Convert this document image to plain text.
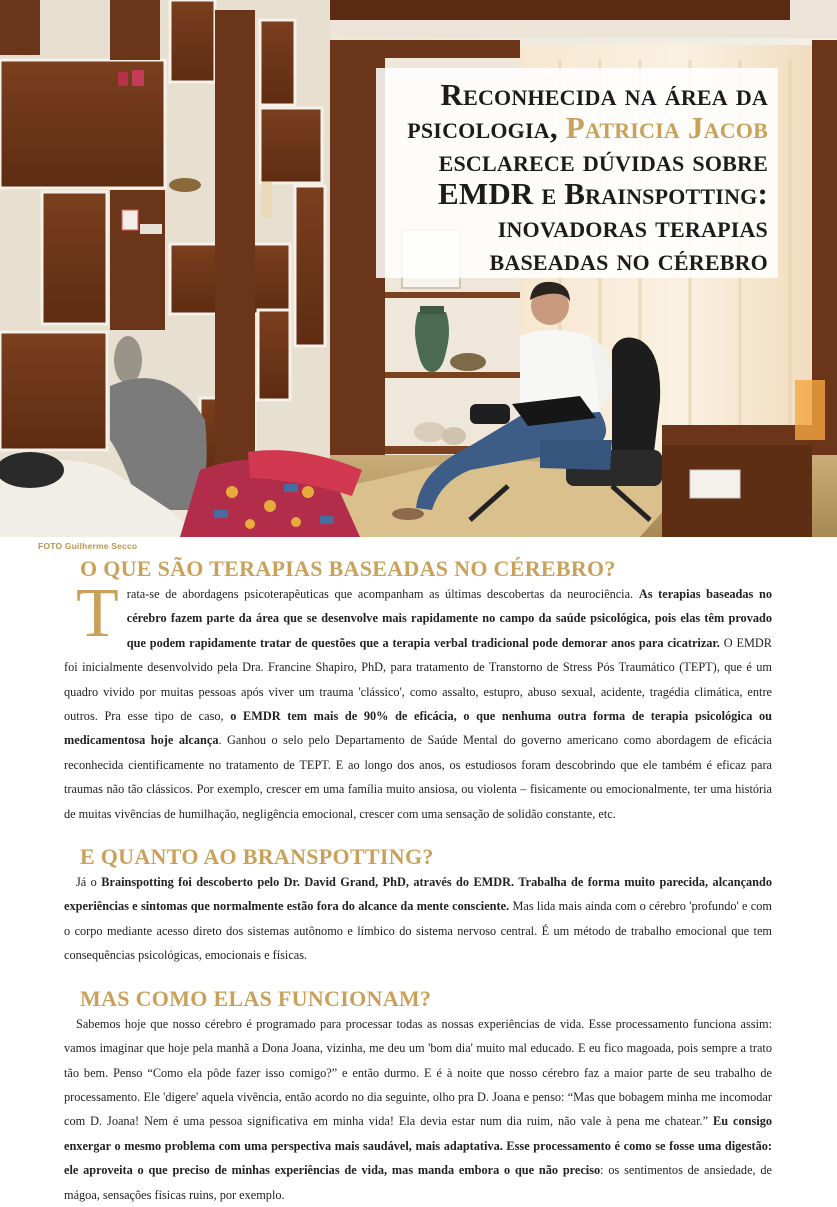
Reconhecida na área da
psicologia, Patricia Jacob
esclarece dúvidas sobre
EMDR e Brainspotting:
inovadoras terapias
baseadas no cérebro
FOTO Guilherme Secco
O QUE SÃO TERAPIAS BASEADAS NO CÉREBRO?

Trata-se de abordagens psicoterapêuticas que acompanham as últimas descobertas da neurociência. As terapias baseadas no cérebro fazem parte da área que se desenvolve mais rapidamente no campo da saúde psicológica, pois elas têm provado que podem rapidamente tratar de questões que a terapia verbal tradicional pode demorar anos para cicatrizar. O EMDR foi inicialmente desenvolvido pela Dra. Francine Shapiro, PhD, para tratamento de Transtorno de Stress Pós Traumático (TEPT), que é um quadro vivido por muitas pessoas após viver um trauma 'clássico', como assalto, estupro, abuso sexual, acidente, tragédia climática, entre outros. Pra esse tipo de caso, o EMDR tem mais de 90% de eficácia, o que nenhuma outra forma de terapia psicológica ou medicamentosa hoje alcança. Ganhou o selo pelo Departamento de Saúde Mental do governo americano como abordagem de eficácia reconhecida cientificamente no tratamento de TEPT. E ao longo dos anos, os estudiosos foram descobrindo que ele também é eficaz para traumas não tão clássicos. Por exemplo, crescer em uma família muito ansiosa, ou violenta – fisicamente ou emocionalmente, ter uma história de muitas vivências de humilhação, negligência emocional, crescer com uma sensação de solidão constante, etc.

E QUANTO AO BRANSPOTTING?

Já o Brainspotting foi descoberto pelo Dr. David Grand, PhD, através do EMDR. Trabalha de forma muito parecida, alcançando experiências e sintomas que normalmente estão fora do alcance da mente consciente. Mas lida mais ainda com o cérebro 'profundo' e com o corpo mediante acesso direto dos sistemas autônomo e límbico do sistema nervoso central. É um método de trabalho emocional que tem consequências psicológicas, emocionais e físicas.

MAS COMO ELAS FUNCIONAM?

Sabemos hoje que nosso cérebro é programado para processar todas as nossas experiências de vida. Esse processamento funciona assim: vamos imaginar que hoje pela manhã a Dona Joana, vizinha, me deu um 'bom dia' muito mal educado. E eu fico magoada, pois sempre a trato tão bem. Penso “Como ela pôde fazer isso comigo?” e então durmo. E é à noite que nosso cérebro faz a maior parte de seu trabalho de processamento. Ele 'digere' aquela vivência, então acordo no dia seguinte, olho pra D. Joana e penso: “Mas que bobagem minha me incomodar com D. Joana! Nem é uma pessoa significativa em minha vida! Ela devia estar num dia ruim, não vale à pena me chatear.” Eu consigo enxergar o mesmo problema com uma perspectiva mais saudável, mais adaptativa. Esse processamento é como se fosse uma digestão: ele aproveita o que preciso de minhas experiências de vida, mas manda embora o que não preciso: os sentimentos de ansiedade, de mágoa, sensações físicas ruins, por exemplo.
